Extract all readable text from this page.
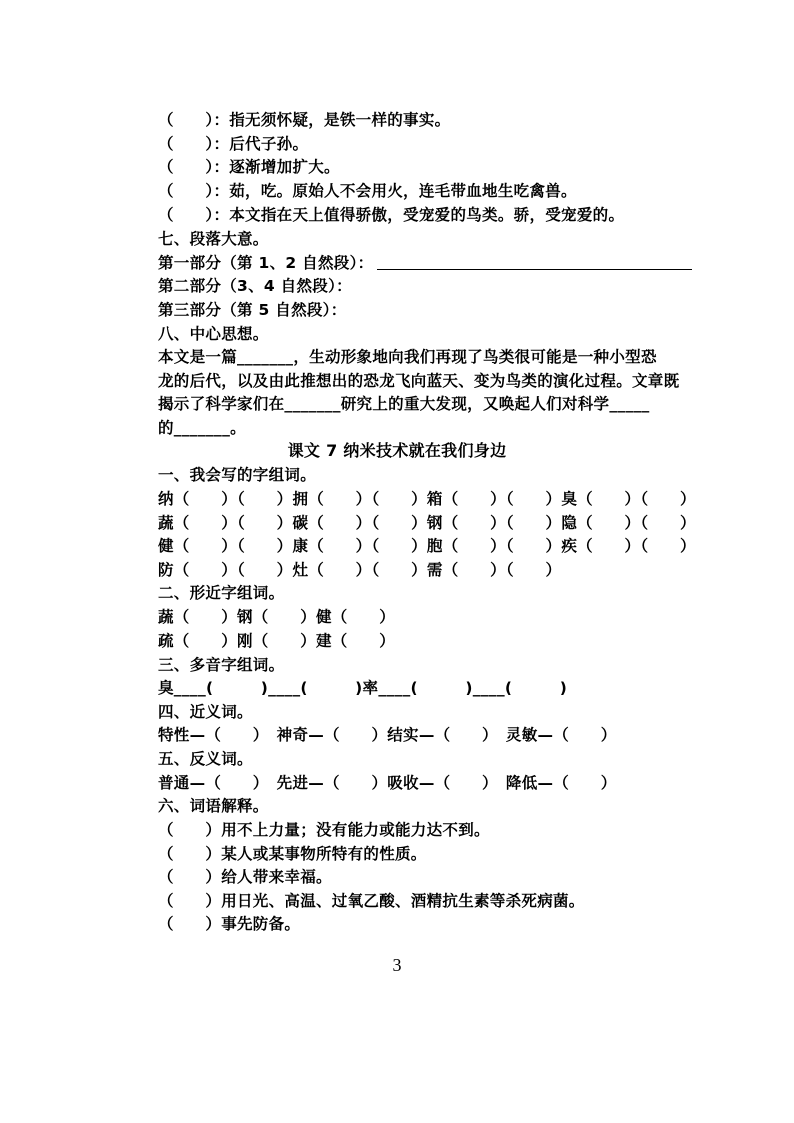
（　　）：指无须怀疑，是铁一样的事实。
（　　）：后代子孙。
（　　）：逐渐增加扩大。
（　　）：茹，吃。原始人不会用火，连毛带血地生吃禽兽。
（　　）：本文指在天上值得骄傲，受宠爱的鸟类。骄，受宠爱的。
七、段落大意。
第一部分（第 1、2 自然段）：
第二部分（3、4 自然段）：
第三部分（第 5 自然段）：
八、中心思想。
本文是一篇_______，生动形象地向我们再现了鸟类很可能是一种小型恐
龙的后代，以及由此推想出的恐龙飞向蓝天、变为鸟类的演化过程。文章既
揭示了科学家们在_______研究上的重大发现，又唤起人们对科学_____
的_______。
课文 7 纳米技术就在我们身边
一、我会写的字组词。
纳（　　）（　　）拥（　　）（　　）箱（　　）（　　）臭（　　）（　　）
蔬（　　）（　　）碳（　　）（　　）钢（　　）（　　）隐（　　）（　　）
健（　　）（　　）康（　　）（　　）胞（　　）（　　）疾（　　）（　　）
防（　　）（　　）灶（　　）（　　）需（　　）（　　）
二、形近字组词。
蔬（　　）钢（　　）健（　　）
疏（　　）刚（　　）建（　　）
三、多音字组词。
臭____(　　　)____(　　　)率____(　　　)____(　　　)
四、近义词。
特性—（　　）　神奇—（　　）结实—（　　）　灵敏—（　　）
五、反义词。
普通—（　　）　先进—（　　）吸收—（　　）　降低—（　　）
六、词语解释。
（　　）用不上力量；没有能力或能力达不到。
（　　）某人或某事物所特有的性质。
（　　）给人带来幸福。
（　　）用日光、高温、过氧乙酸、酒精抗生素等杀死病菌。
（　　）事先防备。
3
